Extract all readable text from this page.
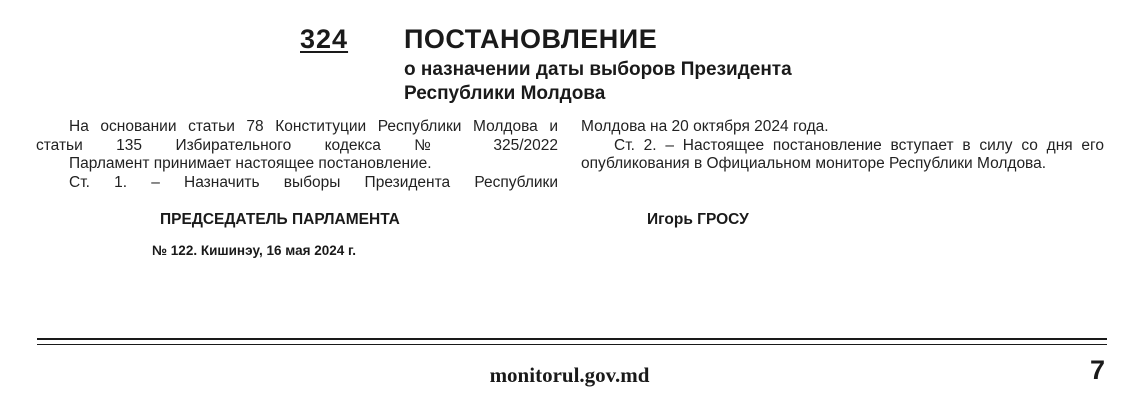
324 ПОСТАНОВЛЕНИЕ
о назначении даты выборов Президента
Республики Молдова

На основании статьи 78 Конституции Республики Молдова и статьи 135 Избирательного кодекса № 325/2022

Парламент принимает настоящее постановление.

Ст. 1. – Назначить выборы Президента Республики

Молдова на 20 октября 2024 года.

Ст. 2. – Настоящее постановление вступает в силу со дня его опубликования в Официальном мониторе Республики Молдова.

ПРЕДСЕДАТЕЛЬ ПАРЛАМЕНТА	Игорь ГРОСУ
№ 122. Кишинэу, 16 мая 2024 г.
monitorul.gov.md	7
